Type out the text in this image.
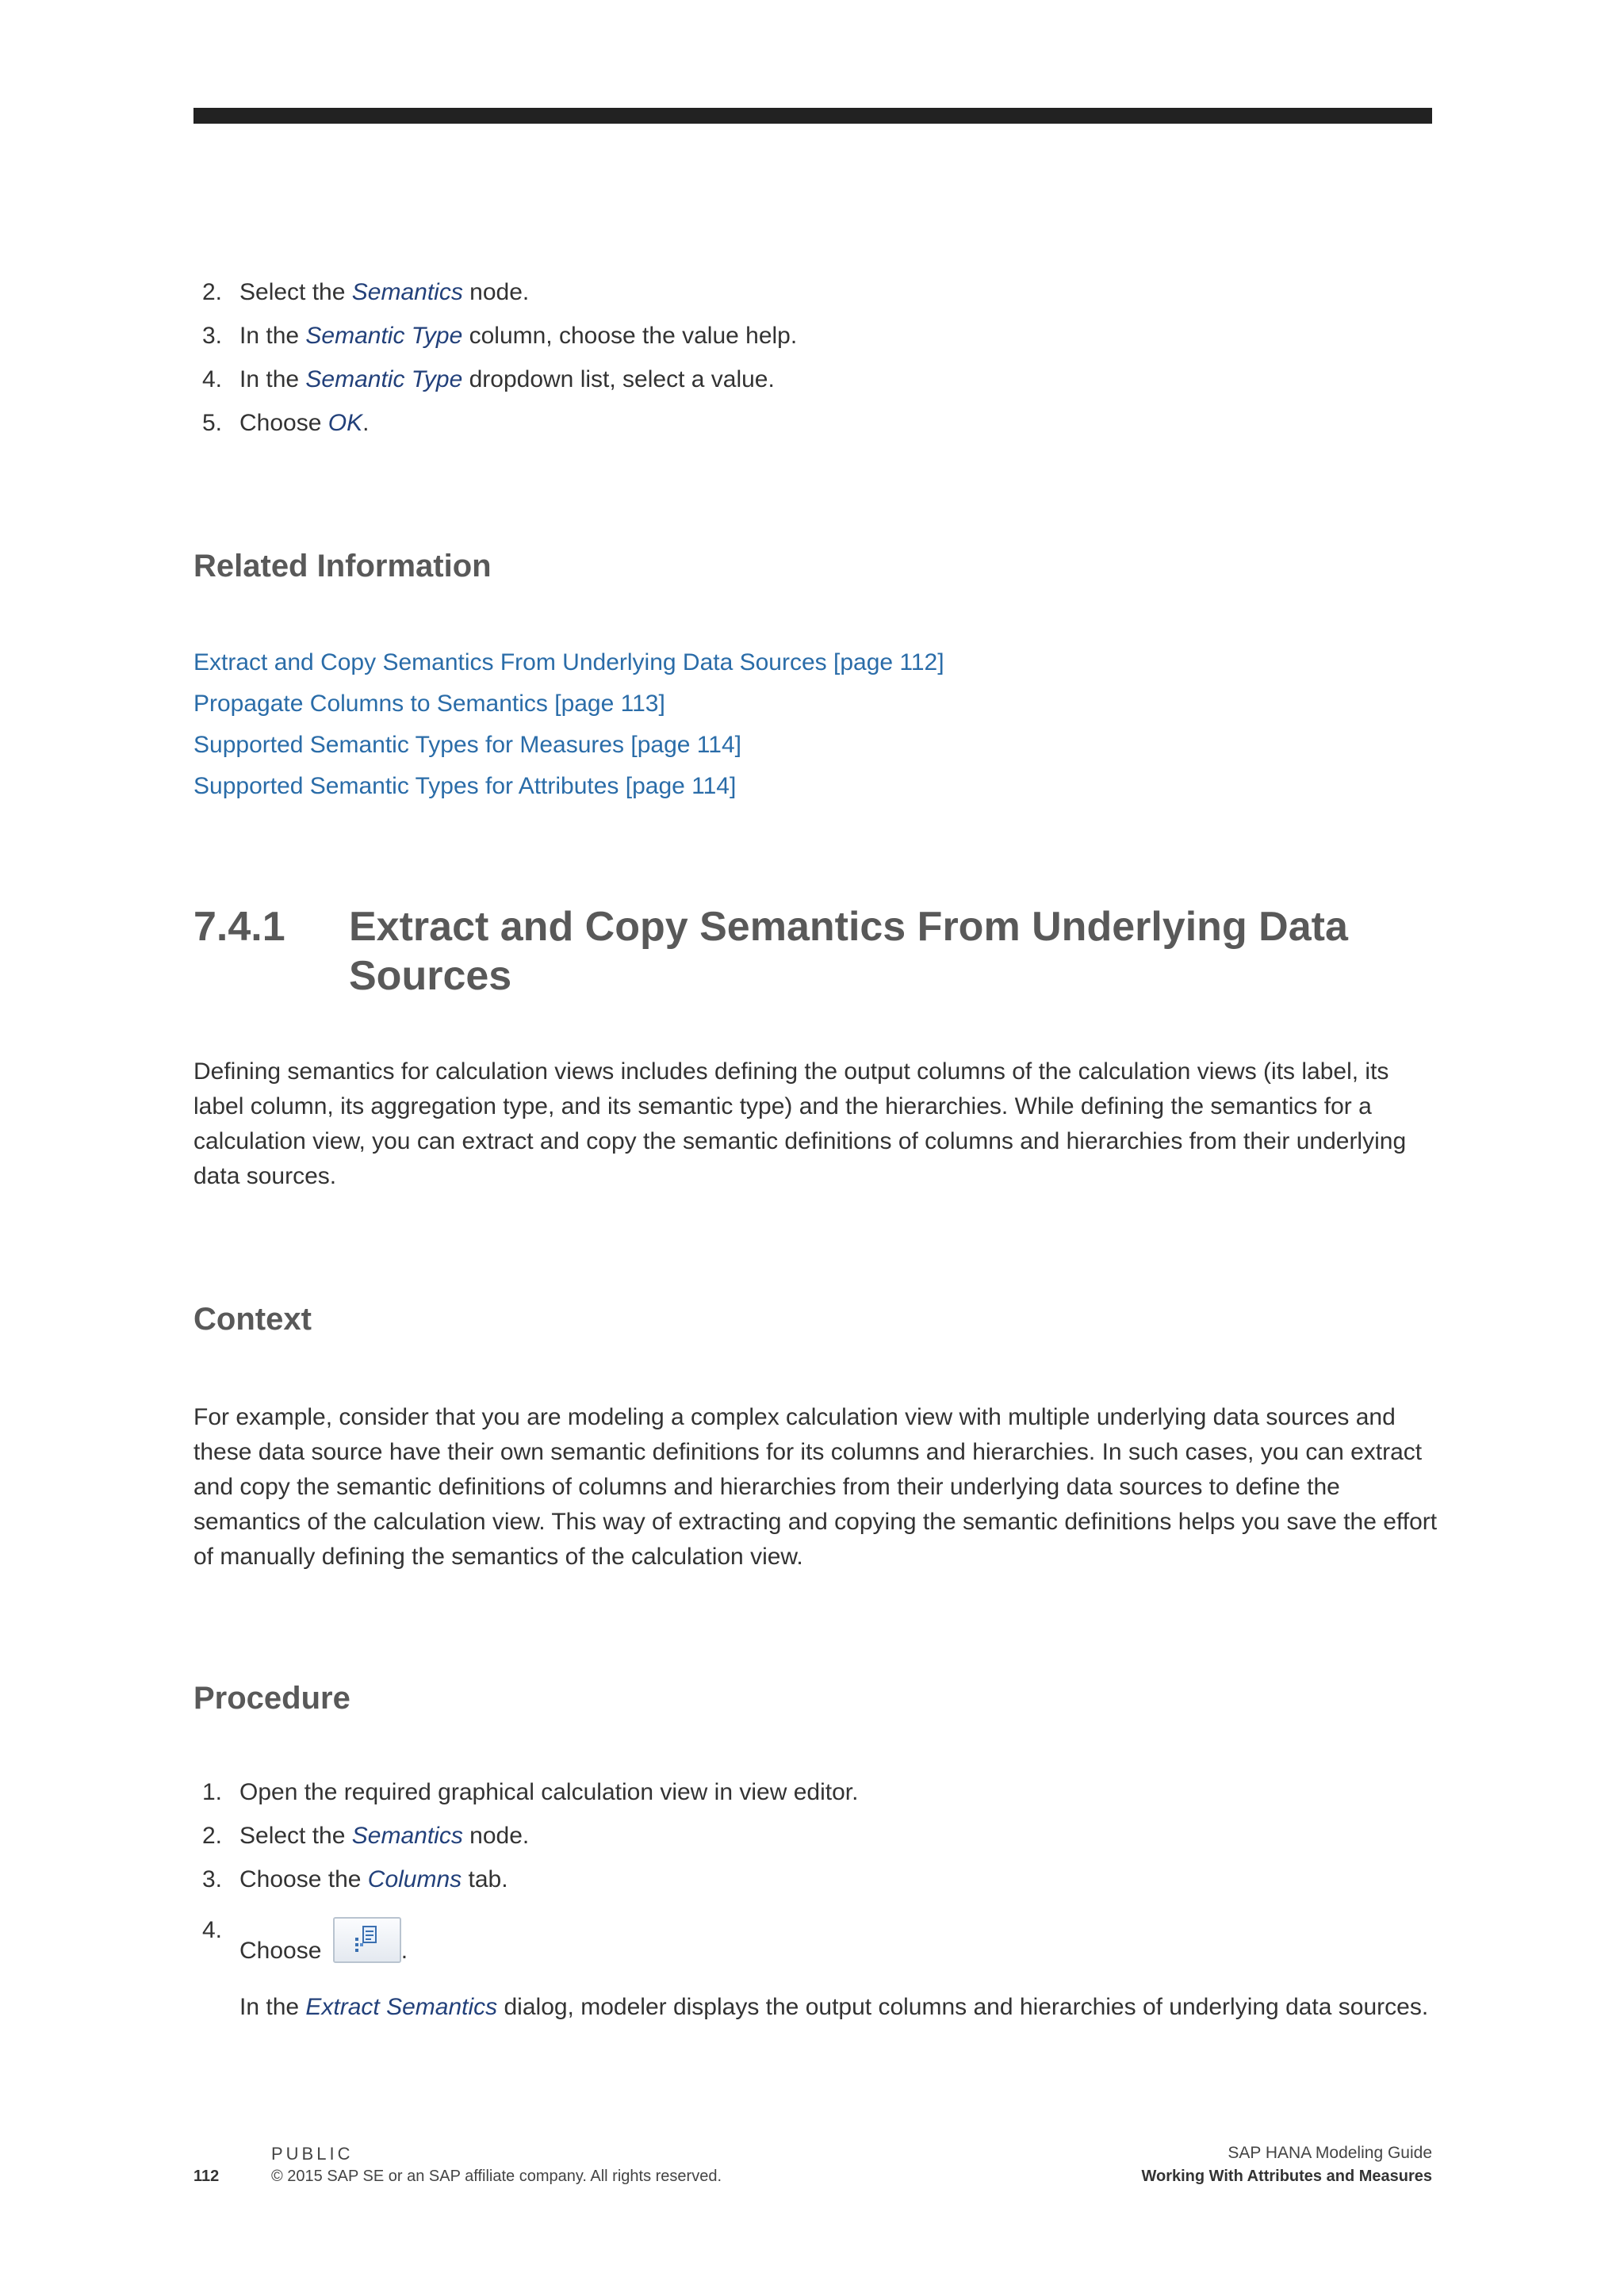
2. Select the Semantics node.
3. In the Semantic Type column, choose the value help.
4. In the Semantic Type dropdown list, select a value.
5. Choose OK.
Related Information
Extract and Copy Semantics From Underlying Data Sources [page 112]
Propagate Columns to Semantics [page 113]
Supported Semantic Types for Measures [page 114]
Supported Semantic Types for Attributes [page 114]
7.4.1 Extract and Copy Semantics From Underlying Data Sources

Defining semantics for calculation views includes defining the output columns of the calculation views (its label, its label column, its aggregation type, and its semantic type) and the hierarchies. While defining the semantics for a calculation view, you can extract and copy the semantic definitions of columns and hierarchies from their underlying data sources.

Context

For example, consider that you are modeling a complex calculation view with multiple underlying data sources and these data source have their own semantic definitions for its columns and hierarchies. In such cases, you can extract and copy the semantic definitions of columns and hierarchies from their underlying data sources to define the semantics of the calculation view. This way of extracting and copying the semantic definitions helps you save the effort of manually defining the semantics of the calculation view.

Procedure
1. Open the required graphical calculation view in view editor.
2. Select the Semantics node.
3. Choose the Columns tab.
4.
Choose	.

In the Extract Semantics dialog, modeler displays the output columns and hierarchies of underlying data sources.

PUBLIC
112	© 2015 SAP SE or an SAP affiliate company. All rights reserved.
SAP HANA Modeling Guide
Working With Attributes and Measures
